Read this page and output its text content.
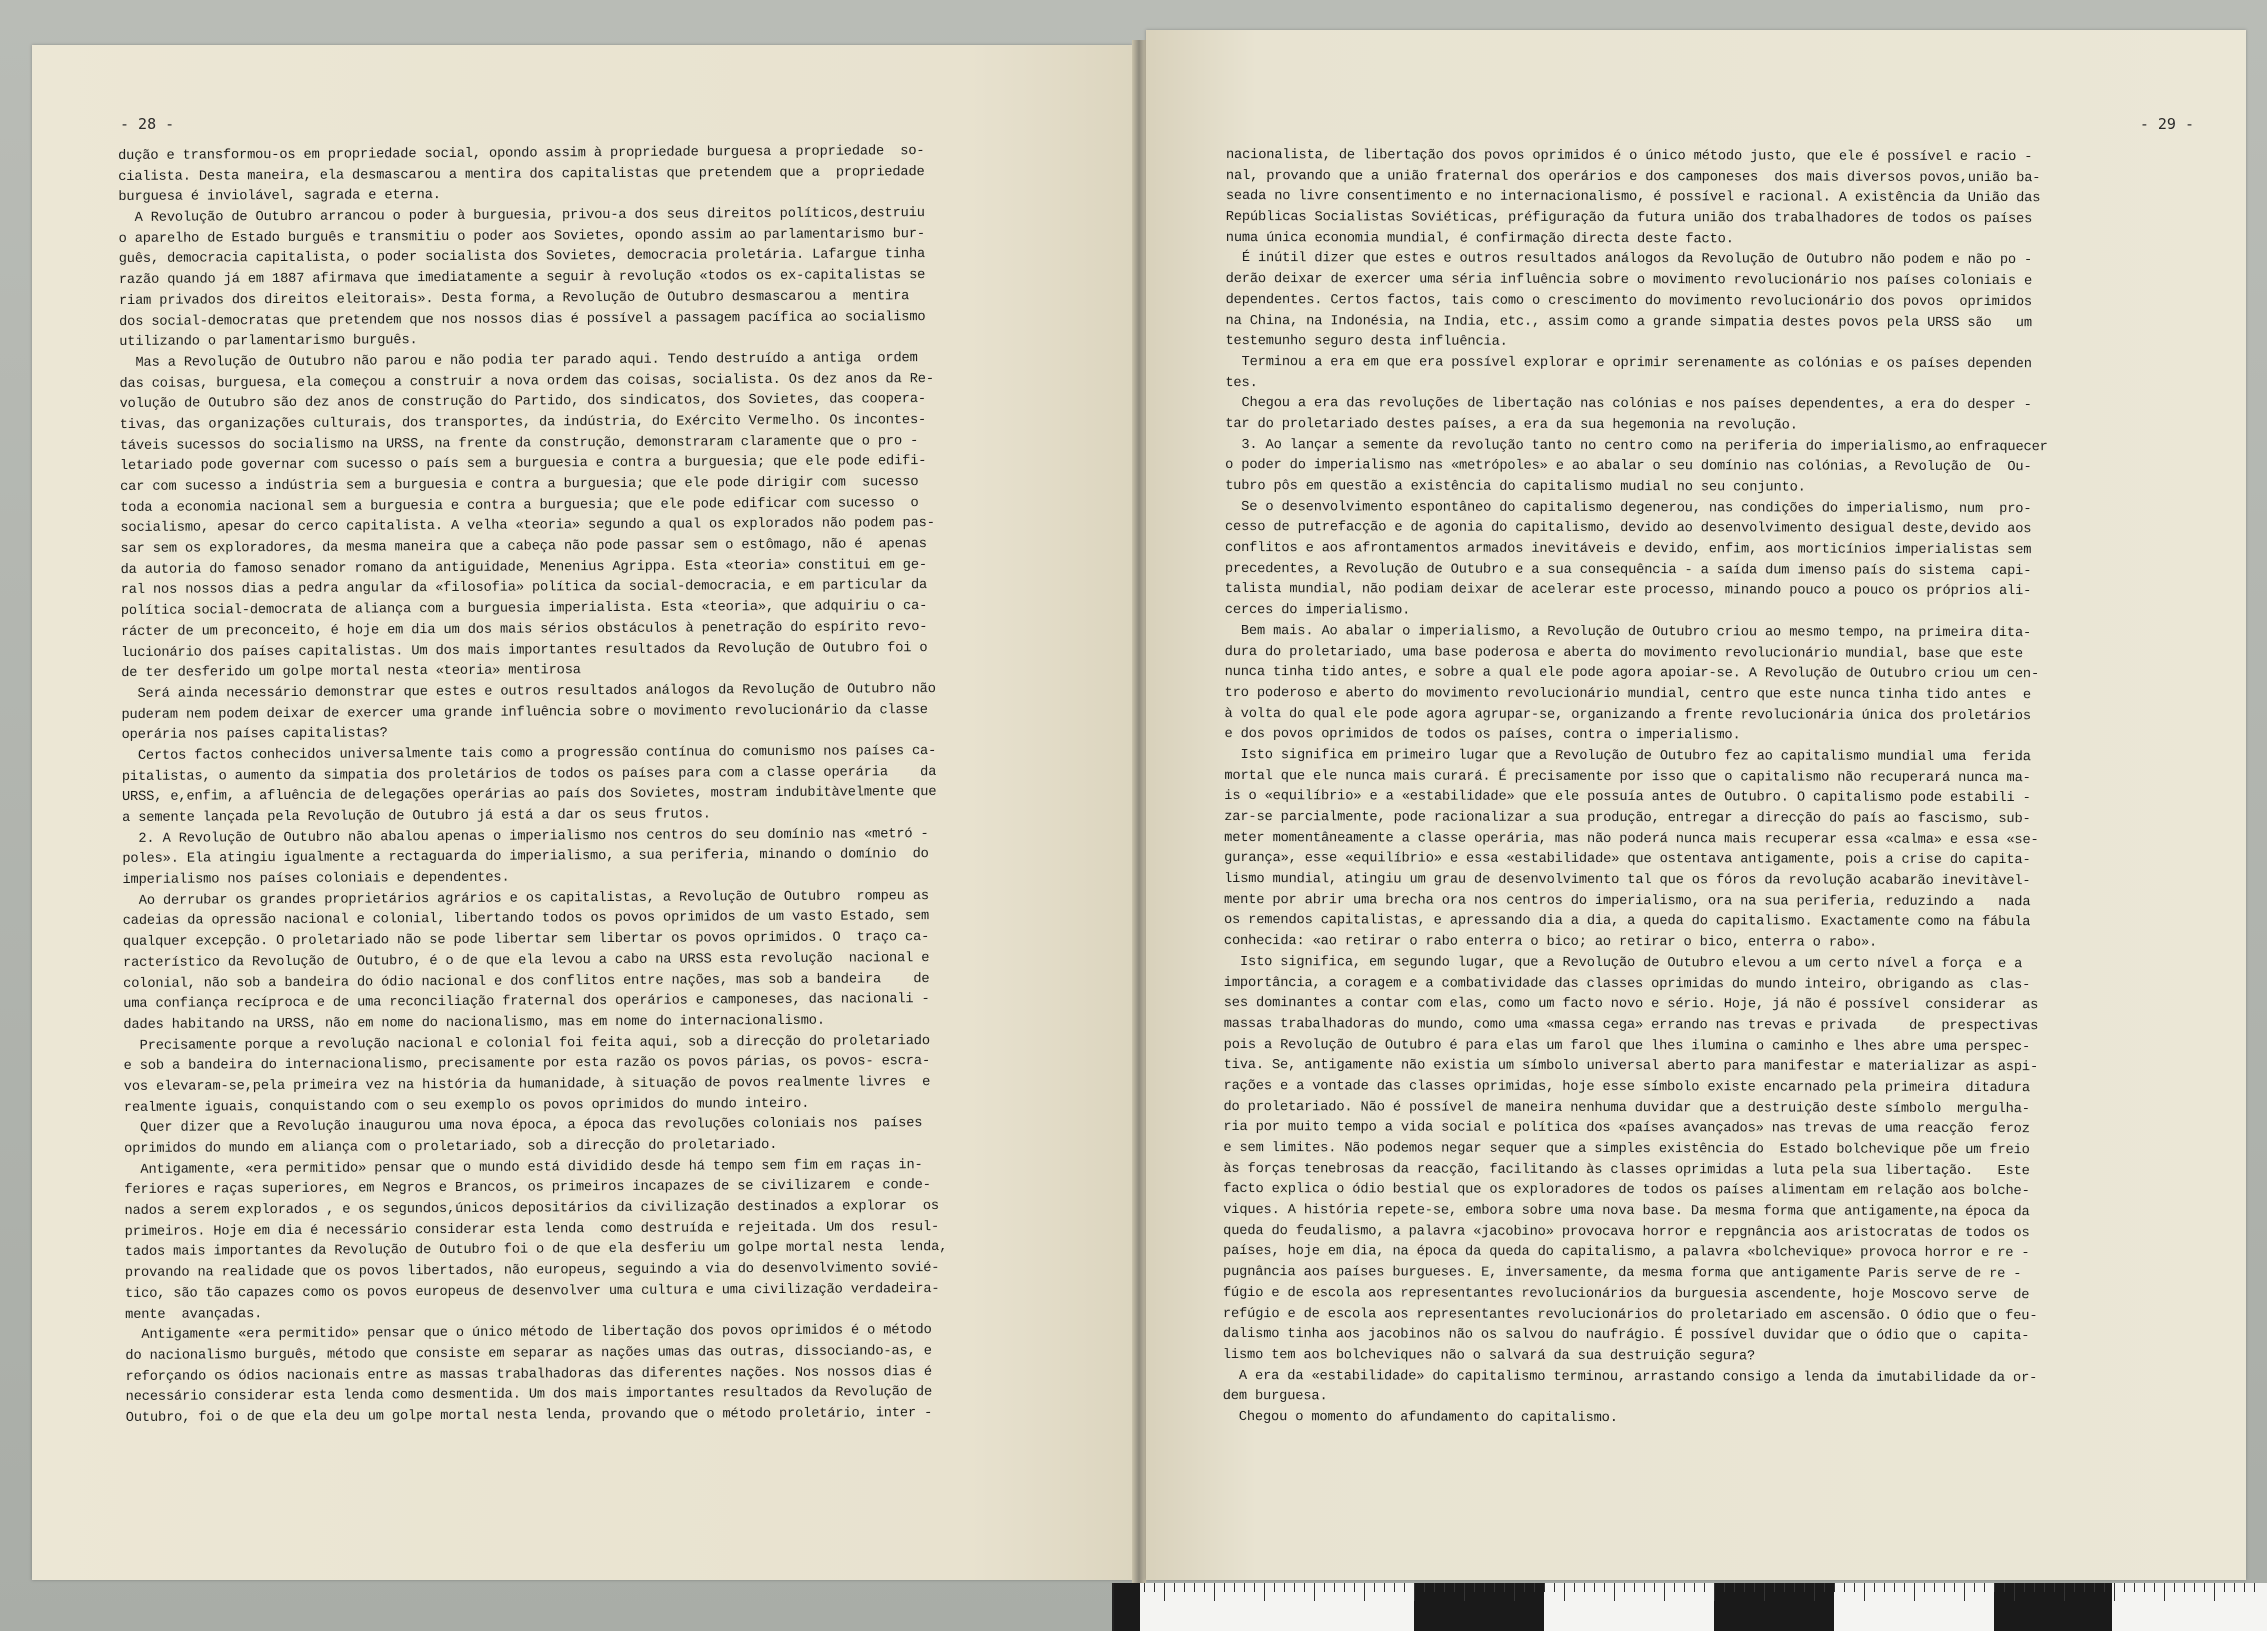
- 28 -
dução e transformou-os em propriedade social, opondo assim à propriedade burguesa a propriedade  so-
cialista. Desta maneira, ela desmascarou a mentira dos capitalistas que pretendem que a  propriedade
burguesa é inviolável, sagrada e eterna.
A Revolução de Outubro arrancou o poder à burguesia, privou-a dos seus direitos políticos,destruiu
o aparelho de Estado burguês e transmitiu o poder aos Sovietes, opondo assim ao parlamentarismo bur-
guês, democracia capitalista, o poder socialista dos Sovietes, democracia proletária. Lafargue tinha
razão quando já em 1887 afirmava que imediatamente a seguir à revolução «todos os ex-capitalistas se
riam privados dos direitos eleitorais». Desta forma, a Revolução de Outubro desmascarou a  mentira
dos social-democratas que pretendem que nos nossos dias é possível a passagem pacífica ao socialismo
utilizando o parlamentarismo burguês.
Mas a Revolução de Outubro não parou e não podia ter parado aqui. Tendo destruído a antiga  ordem
das coisas, burguesa, ela começou a construir a nova ordem das coisas, socialista. Os dez anos da Re-
volução de Outubro são dez anos de construção do Partido, dos sindicatos, dos Sovietes, das coopera-
tivas, das organizações culturais, dos transportes, da indústria, do Exército Vermelho. Os incontes-
táveis sucessos do socialismo na URSS, na frente da construção, demonstraram claramente que o pro -
letariado pode governar com sucesso o país sem a burguesia e contra a burguesia; que ele pode edifi-
car com sucesso a indústria sem a burguesia e contra a burguesia; que ele pode dirigir com  sucesso
toda a economia nacional sem a burguesia e contra a burguesia; que ele pode edificar com sucesso  o
socialismo, apesar do cerco capitalista. A velha «teoria» segundo a qual os explorados não podem pas-
sar sem os exploradores, da mesma maneira que a cabeça não pode passar sem o estômago, não é  apenas
da autoria do famoso senador romano da antiguidade, Menenius Agrippa. Esta «teoria» constitui em ge-
ral nos nossos dias a pedra angular da «filosofia» política da social-democracia, e em particular da
política social-democrata de aliança com a burguesia imperialista. Esta «teoria», que adquiriu o ca-
rácter de um preconceito, é hoje em dia um dos mais sérios obstáculos à penetração do espírito revo-
lucionário dos países capitalistas. Um dos mais importantes resultados da Revolução de Outubro foi o
de ter desferido um golpe mortal nesta «teoria» mentirosa
Será ainda necessário demonstrar que estes e outros resultados análogos da Revolução de Outubro não
puderam nem podem deixar de exercer uma grande influência sobre o movimento revolucionário da classe
operária nos países capitalistas?
Certos factos conhecidos universalmente tais como a progressão contínua do comunismo nos países ca-
pitalistas, o aumento da simpatia dos proletários de todos os países para com a classe operária    da
URSS, e,enfim, a afluência de delegações operárias ao país dos Sovietes, mostram indubitàvelmente que
a semente lançada pela Revolução de Outubro já está a dar os seus frutos.
2. A Revolução de Outubro não abalou apenas o imperialismo nos centros do seu domínio nas «metró -
poles». Ela atingiu igualmente a rectaguarda do imperialismo, a sua periferia, minando o domínio  do
imperialismo nos países coloniais e dependentes.
Ao derrubar os grandes proprietários agrários e os capitalistas, a Revolução de Outubro  rompeu as
cadeias da opressão nacional e colonial, libertando todos os povos oprimidos de um vasto Estado, sem
qualquer excepção. O proletariado não se pode libertar sem libertar os povos oprimidos. O  traço ca-
racterístico da Revolução de Outubro, é o de que ela levou a cabo na URSS esta revolução  nacional e
colonial, não sob a bandeira do ódio nacional e dos conflitos entre nações, mas sob a bandeira    de
uma confiança recíproca e de uma reconciliação fraternal dos operários e camponeses, das nacionali -
dades habitando na URSS, não em nome do nacionalismo, mas em nome do internacionalismo.
Precisamente porque a revolução nacional e colonial foi feita aqui, sob a direcção do proletariado
e sob a bandeira do internacionalismo, precisamente por esta razão os povos párias, os povos- escra-
vos elevaram-se,pela primeira vez na história da humanidade, à situação de povos realmente livres  e
realmente iguais, conquistando com o seu exemplo os povos oprimidos do mundo inteiro.
Quer dizer que a Revolução inaugurou uma nova época, a época das revoluções coloniais nos  países
oprimidos do mundo em aliança com o proletariado, sob a direcção do proletariado.
Antigamente, «era permitido» pensar que o mundo está dividido desde há tempo sem fim em raças in-
feriores e raças superiores, em Negros e Brancos, os primeiros incapazes de se civilizarem  e conde-
nados a serem explorados , e os segundos,únicos depositários da civilização destinados a explorar  os
primeiros. Hoje em dia é necessário considerar esta lenda  como destruída e rejeitada. Um dos  resul-
tados mais importantes da Revolução de Outubro foi o de que ela desferiu um golpe mortal nesta  lenda,
provando na realidade que os povos libertados, não europeus, seguindo a via do desenvolvimento sovié-
tico, são tão capazes como os povos europeus de desenvolver uma cultura e uma civilização verdadeira-
mente  avançadas.
Antigamente «era permitido» pensar que o único método de libertação dos povos oprimidos é o método
do nacionalismo burguês, método que consiste em separar as nações umas das outras, dissociando-as, e
reforçando os ódios nacionais entre as massas trabalhadoras das diferentes nações. Nos nossos dias é
necessário considerar esta lenda como desmentida. Um dos mais importantes resultados da Revolução de
Outubro, foi o de que ela deu um golpe mortal nesta lenda, provando que o método proletário, inter -
- 29 -
nacionalista, de libertação dos povos oprimidos é o único método justo, que ele é possível e racio -
nal, provando que a união fraternal dos operários e dos camponeses  dos mais diversos povos,união ba-
seada no livre consentimento e no internacionalismo, é possível e racional. A existência da União das
Repúblicas Socialistas Soviéticas, préfiguração da futura união dos trabalhadores de todos os países
numa única economia mundial, é confirmação directa deste facto.
É inútil dizer que estes e outros resultados análogos da Revolução de Outubro não podem e não po -
derão deixar de exercer uma séria influência sobre o movimento revolucionário nos países coloniais e
dependentes. Certos factos, tais como o crescimento do movimento revolucionário dos povos  oprimidos
na China, na Indonésia, na India, etc., assim como a grande simpatia destes povos pela URSS são   um
testemunho seguro desta influência.
Terminou a era em que era possível explorar e oprimir serenamente as colónias e os países dependen
tes.
Chegou a era das revoluções de libertação nas colónias e nos países dependentes, a era do desper -
tar do proletariado destes países, a era da sua hegemonia na revolução.
3. Ao lançar a semente da revolução tanto no centro como na periferia do imperialismo,ao enfraquecer
o poder do imperialismo nas «metrópoles» e ao abalar o seu domínio nas colónias, a Revolução de  Ou-
tubro pôs em questão a existência do capitalismo mudial no seu conjunto.
Se o desenvolvimento espontâneo do capitalismo degenerou, nas condições do imperialismo, num  pro-
cesso de putrefacção e de agonia do capitalismo, devido ao desenvolvimento desigual deste,devido aos
conflitos e aos afrontamentos armados inevitáveis e devido, enfim, aos morticínios imperialistas sem
precedentes, a Revolução de Outubro e a sua consequência - a saída dum imenso país do sistema  capi-
talista mundial, não podiam deixar de acelerar este processo, minando pouco a pouco os próprios ali-
cerces do imperialismo.
Bem mais. Ao abalar o imperialismo, a Revolução de Outubro criou ao mesmo tempo, na primeira dita-
dura do proletariado, uma base poderosa e aberta do movimento revolucionário mundial, base que este
nunca tinha tido antes, e sobre a qual ele pode agora apoiar-se. A Revolução de Outubro criou um cen-
tro poderoso e aberto do movimento revolucionário mundial, centro que este nunca tinha tido antes  e
à volta do qual ele pode agora agrupar-se, organizando a frente revolucionária única dos proletários
e dos povos oprimidos de todos os países, contra o imperialismo.
Isto significa em primeiro lugar que a Revolução de Outubro fez ao capitalismo mundial uma  ferida
mortal que ele nunca mais curará. É precisamente por isso que o capitalismo não recuperará nunca ma-
is o «equilíbrio» e a «estabilidade» que ele possuía antes de Outubro. O capitalismo pode estabili -
zar-se parcialmente, pode racionalizar a sua produção, entregar a direcção do país ao fascismo, sub-
meter momentâneamente a classe operária, mas não poderá nunca mais recuperar essa «calma» e essa «se-
gurança», esse «equilíbrio» e essa «estabilidade» que ostentava antigamente, pois a crise do capita-
lismo mundial, atingiu um grau de desenvolvimento tal que os fóros da revolução acabarão inevitàvel-
mente por abrir uma brecha ora nos centros do imperialismo, ora na sua periferia, reduzindo a   nada
os remendos capitalistas, e apressando dia a dia, a queda do capitalismo. Exactamente como na fábula
conhecida: «ao retirar o rabo enterra o bico; ao retirar o bico, enterra o rabo».
Isto significa, em segundo lugar, que a Revolução de Outubro elevou a um certo nível a força  e a
importância, a coragem e a combatividade das classes oprimidas do mundo inteiro, obrigando as  clas-
ses dominantes a contar com elas, como um facto novo e sério. Hoje, já não é possível  considerar  as
massas trabalhadoras do mundo, como uma «massa cega» errando nas trevas e privada    de  prespectivas
pois a Revolução de Outubro é para elas um farol que lhes ilumina o caminho e lhes abre uma perspec-
tiva. Se, antigamente não existia um símbolo universal aberto para manifestar e materializar as aspi-
rações e a vontade das classes oprimidas, hoje esse símbolo existe encarnado pela primeira  ditadura
do proletariado. Não é possível de maneira nenhuma duvidar que a destruição deste símbolo  mergulha-
ria por muito tempo a vida social e política dos «países avançados» nas trevas de uma reacção  feroz
e sem limites. Não podemos negar sequer que a simples existência do  Estado bolchevique põe um freio
às forças tenebrosas da reacção, facilitando às classes oprimidas a luta pela sua libertação.   Este
facto explica o ódio bestial que os exploradores de todos os países alimentam em relação aos bolche-
viques. A história repete-se, embora sobre uma nova base. Da mesma forma que antigamente,na época da
queda do feudalismo, a palavra «jacobino» provocava horror e repgnância aos aristocratas de todos os
países, hoje em dia, na época da queda do capitalismo, a palavra «bolchevique» provoca horror e re -
pugnância aos países burgueses. E, inversamente, da mesma forma que antigamente Paris serve de re -
fúgio e de escola aos representantes revolucionários da burguesia ascendente, hoje Moscovo serve  de
refúgio e de escola aos representantes revolucionários do proletariado em ascensão. O ódio que o feu-
dalismo tinha aos jacobinos não os salvou do naufrágio. É possível duvidar que o ódio que o  capita-
lismo tem aos bolcheviques não o salvará da sua destruição segura?
A era da «estabilidade» do capitalismo terminou, arrastando consigo a lenda da imutabilidade da or-
dem burguesa.
Chegou o momento do afundamento do capitalismo.
